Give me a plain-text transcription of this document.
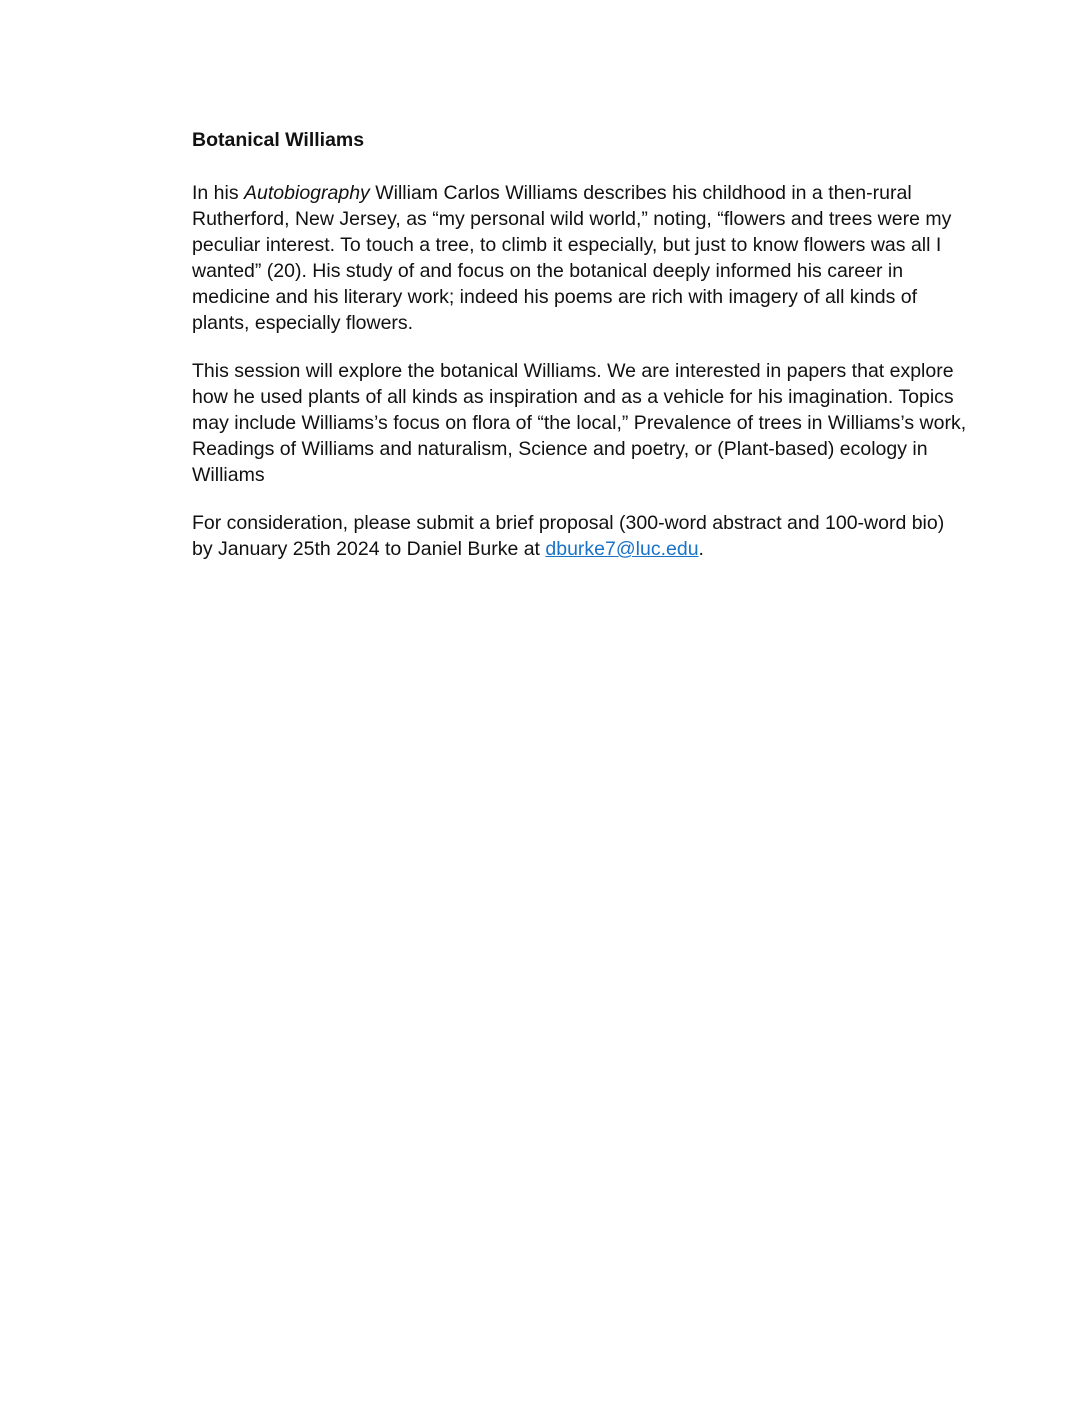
Botanical Williams

In his Autobiography William Carlos Williams describes his childhood in a then-rural Rutherford, New Jersey, as “my personal wild world,” noting, “flowers and trees were my peculiar interest. To touch a tree, to climb it especially, but just to know flowers was all I wanted” (20). His study of and focus on the botanical deeply informed his career in medicine and his literary work; indeed his poems are rich with imagery of all kinds of plants, especially flowers.

This session will explore the botanical Williams. We are interested in papers that explore how he used plants of all kinds as inspiration and as a vehicle for his imagination. Topics may include Williams’s focus on flora of “the local,” Prevalence of trees in Williams’s work, Readings of Williams and naturalism, Science and poetry, or (Plant-based) ecology in Williams

For consideration, please submit a brief proposal (300-word abstract and 100-word bio) by January 25th 2024 to Daniel Burke at dburke7@luc.edu.
